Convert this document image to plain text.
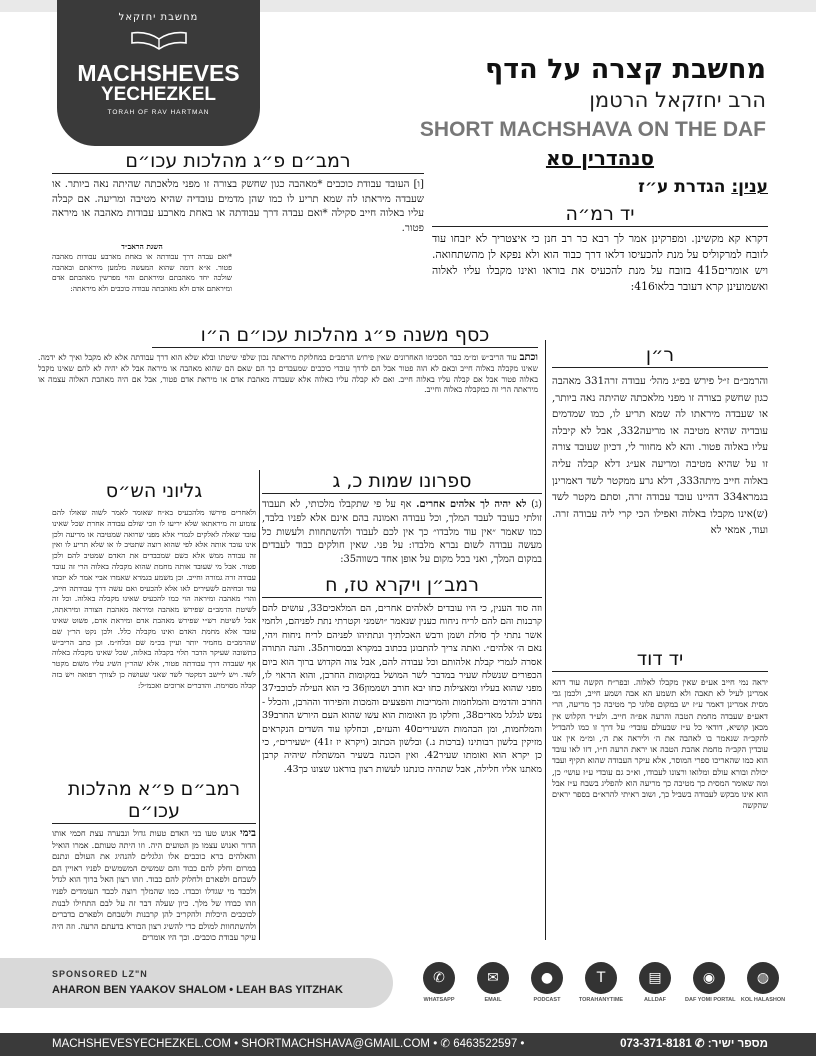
מחשבת יחזקאל
MACHSHEVES
YECHEZKEL
TORAH OF RAV HARTMAN
מחשבת קצרה על הדף
הרב יחזקאל הרטמן
SHORT MACHSHAVA ON THE DAF
סנהדרין סא
ענין: הגדרת ע״ז
יד רמ״ה
דקרא קא מקשינן. ומפרקינן אמר לך רבא כר רב חנן כי איצטריך לא יזבחו עוד לזובח למרקוליס על מנת להכעיסו דלאו דרך כבוד הוא ולא נפקא לן מהשתחואה. ויש אומרים415 בזובח על מנת להכעיס את בוראו ואינו מקבלו עליו לאלוה ואשמועינן קרא דעובר בלאו416:
ר״ן
והרמב״ם ז״ל פירש בפ״ג מהל׳ עבודה זרה331 מאהבה כגון שחשק בצורה זו מפני מלאכתה שהיתה נאה ביותר, או שעבדה מיראתו לה שמא תריע לו, כמו שמדמים עובדיה שהיא מטיבה או מריעה332, אבל לא קיבלה עליו באלוה פטור. והא לא מחוור לי, דכיון שעובד צורה זו על שהיא מטיבה ומריעה אע״ג דלא קבלה עליה באלוה חייב מיתה333, דלא גרע ממקטר לשד דאמרינן בגמרא334 דהיינו עובד עבודה זרה, וסתם מקטר לשד (ש)אינו מקבלו באלוה ואפילו הכי קרי ליה עבודה זרה. ועוד, אמאי לא
יד דוד
יראה נמי חייב אע״פ שאין מקבלו לאלוה. ובפר״ח הקשה עוד דהא אמרינן לעיל לא תאבה ולא תשמע הא אבה ושמע חייב, ולכמן גבי מסית אמרינן דאמר ע״ז יש במקום פלוני כך מטיבה כך מריעה, הרי דאע״פ שעבדה מחמת הטבה והרעה אפ״ה חייב. ולע״ד הקלוש אין מכאן קושיא, דודאי כל ע״ז שבעולם עובדי׳ על דרך זו כמו להבדיל להקב״ה שנאמר בו לאהבה את ה׳ וליראה את ה׳, ומ״מ אין אנו עובדין הקב״ה מחמת אהבת הטבה או יראת הרעה ח״ו, דזו לאו עובד הוא כמו שהאריכו ספרי המוסר, אלא עיקר העבודה שהוא תקיף ועבד יכולת ובורא עולם ומלואו ורצונו לעבודו, וא״כ גם עובדי ע״ז עושי׳ כן, ומה שאומר המסית כך מטיבה כך מריעה הוא להפליג בשבח ע״ז אבל הוא אינו מבקש לעבודה בשביל כך, ושוב ראיתי להרא״ם בספר יראים שהקשה
רמב״ם פ״ג מהלכות עכו״ם
[ו] העובד עבודת כוכבים *מאהבה כגון שחשק בצורה זו מפני מלאכתה שהיתה נאה ביותר. או שעבדה מיראתו לה שמא תריע לו כמו שהן מדמים עובדיה שהיא מטיבה ומריעה. אם קבלה עליו באלוה חייב סקילה *ואם עבדה דרך עבודתה או באחת מארבע עבודות מאהבה או מיראה פטור.
השגת הראב״ד
*ואם עבדה דרך עבודתה או באחת מארבע עבודות מאהבה פטור. א״א דומה שהוא המעשה מלמען מיראתם ובאהבה שולכה יחד מאהבתם ומיראתם והוי מפרשין מאהבתם אדם ומיראתם אדם ולא מאהבתה עבודה כוכבים ולא מיראתה:
כסף משנה פ״ג מהלכות עכו״ם ה״ו
וכתב עוד הריב״ש ומ״מ כבר הסכימו האחרונים שאין פירוש הרמב״ם במחלוקת מיראתה נכון שלפי שיטתו ובלא שלא הוא דרך עבודתה אלא לא מקבל ואיך לא ידמה. שאינו מקבלה באלוה חייב ובאם לא הוה פטור אבל הם לדרך עובדי כוכבים שמעבדים כך הם שאם הם שהוא מאהבה או מיראה אבל לא יהיה לא להם שאינו מקבל באלוה פטור אבל אם קבלה עליו באלוה חייב. ואם לא קבלה עליו באלוה אלא שעבדה מאהבת אדם או מיראת אדם פטור, אבל אם היה מאהבת האלוה עצמה או מיראתה הרי זה כמקבלה באלוה וחייב.
ספרונו שמות כ, ג
(ג) לא יהיה לך אלהים אחרים. אף על פי שתקבלו מלכותי, לא תעבוד זולתי כעובד לעבד המלך, וכל עבודה ואמונה בהם אינם אלא לפניו בלבד, כמו שאמר ״אין עוד מלבדו״ כך אין לכם לעבוד ולהשתחוות ולעשות כל מעשה עבודה לשום נברא מלבדו: על פני. שאין חולקים כבוד לעבדים במקום המלך, ואני בכל מקום על אופן אחד בשווה35:
רמב״ן ויקרא טז, ח
וזה סוד הענין, כי היו עובדים לאלהים אחרים, הם המלאכים33, עושים להם קרבנות והם להם לריח ניחוח כענין שנאמר ״ושמני וקטרתי נתת לפניהם, ולחמי אשר נתתי לך סולת ושמן ודבש האכלתיך ונתתיהו לפניהם לריח ניחוח ויהי, נאם ה׳ אלהים״. ואתה צריך להתבונן בכתוב במקרא ובמסורת35. והנה התורה אסרה לגמרי קבלת אלהותם וכל עבודה להם, אבל צוה הקדוש ברוך הוא ביום הכפורים שנשלח שעיר במדבר לשר המושל במקומות החרבן, והוא הראוי לו, מפני שהוא בעליו ומאצילות כחו יבא חורב ושממון36 כי הוא העילה לכוכבי37 החרב והדמים והמלחמות והמריבות והפצעים והמכות והפירוד וההרבן, והכלל - נפש לגלגל מאדים38, וחלקו מן האומות הוא עשו שהוא העם היורש החרב39 והמלחמות, ומן הבהמות השעירים40 והעזים, ובחלקו עוד השדים הנקראים מזיקין בלשון רבותינו (ברכות נ.) ובלשון הכתוב (ויקרא יז ז41) ״שעירים״, כי כן יקרא הוא ואומתו שעיר42. ואין הכונה בשעיר המשתלח שיהיה קרבן מאתנו אליו חלילה, אבל שתהיה כונתנו לעשות רצון בוראנו שצונו כך43.
גליוני הש״ס
ולאחרים פירשו מלהכעיס בא״ח שאומר לאמר לשוה שאולו להם צומוע זה מיראתאו שלא יריעו לו וזכי שולם עבודה אחרת שכל שאינו עובד שאלה לאלקים לגמרי אלא מפני שרואה שמטיבה או מריעה ולכן אינו עובד אותה אלא לפי שהוא רוצה שתטיב לו או שלא תריע לו ואין זה עבודה ממש אלא כשם שמכבדים את האדם שמטיב להם ולכן פטור. אבל מי שעובד אותה מחמת שהוא מקבלה באלוה הרי זה עובד עבודה זרה גמורה וחייב. וכן משמע בגמרא שאמרו אביי אמר לא יזבחו עוד זבחיהם לשעירים לאו אלא להכעיס ואם עשה דרך עבודתה חייב, והרי מאהבה ומיראה הוי כמו להכעיס שאינו מקבלה באלוה. וכל זה לשיטת הרמב״ם שפירש מאהבה ומיראה מאהבת הצורה ומיראתה, אבל לשיטת רש״י שפירש מאהבת אדם ומיראת אדם, פשוט שאינו עובד אלא מחמת האדם ואינו מקבלה כלל. ולכן נקט הר״ן שם שהרמב״ם מחמיר יותר ועיין בכ״מ שם ובלח״מ. וכן כתב הריב״ש בתשובה שעיקר הדבר תלוי בקבלה באלוה, שכל שאינו מקבלה באלוה אף שעבדה דרך עבודתה פטור, אלא שהר״ן השיג עליו משום מקטר לשד. ויש ליישב דמקטר לשד שאני שעושה כן לצורך רפואה ויש בזה קבלה מסוימת. והדברים ארוכים ואכמ״ל:
רמב״ם פ״א מהלכות עכו״ם
בימי אנוש טעו בני האדם טעות גדול ונבערה עצת חכמי אותו הדור ואנוש עצמו מן הטועים היה. וזו היתה טעותם. אמרו הואיל והאלהים ברא כוכבים אלו וגלגלים להנהיג את העולם ונתנם במרום וחלק להם כבוד והם שמשים המשמשים לפניו ראויין הם לשבחם ולפארם ולחלוק להם כבוד. וזהו רצון האל ברוך הוא לגדל ולכבד מי שגדלו וכבדו. כמו שהמלך רוצה לכבד העומדים לפניו וזהו כבודו של מלך. כיון שעלה דבר זה על לבם התחילו לבנות לכוכבים היכלות ולהקריב להן קרבנות ולשבחם ולפארם בדברים ולהשתחוות למולם כדי להשיג רצון הבורא בדעתם הרעה. וזה היה עיקר עבודת כוכבים. וכך היו אומרים
SPONSORED LZ"N
AHARON BEN YAAKOV SHALOM • LEAH BAS YITZHAK
✆
WHATSAPP
✉
EMAIL
●
PODCAST
T
TORAHANYTIME
▤
ALLDAF
◉
DAF YOMI PORTAL
◍
KOL HALASHON
MACHSHEVESYECHEZKEL.COM • SHORTMACHSHAVA@GMAIL.COM • ✆ 6463522597 •	מספר ישיר: ✆ 073-371-8181
